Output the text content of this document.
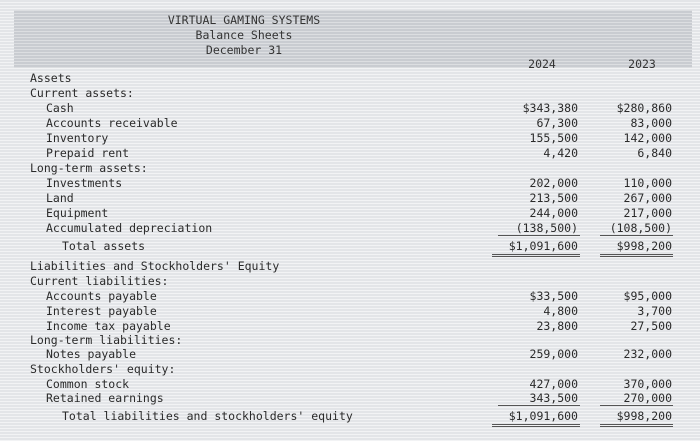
VIRTUAL GAMING SYSTEMS
Balance Sheets
December 31
2024	2023
Assets
Current assets:
Cash	$343,380	$280,860
Accounts receivable	67,300	83,000
Inventory	155,500	142,000
Prepaid rent	4,420	6,840
Long-term assets:
Investments	202,000	110,000
Land	213,500	267,000
Equipment	244,000	217,000
Accumulated depreciation	(138,500)	(108,500)
Total assets	$1,091,600	$998,200
Liabilities and Stockholders' Equity
Current liabilities:
Accounts payable	$33,500	$95,000
Interest payable	4,800	3,700
Income tax payable	23,800	27,500
Long-term liabilities:
Notes payable	259,000	232,000
Stockholders' equity:
Common stock	427,000	370,000
Retained earnings	343,500	270,000
Total liabilities and stockholders' equity	$1,091,600	$998,200
